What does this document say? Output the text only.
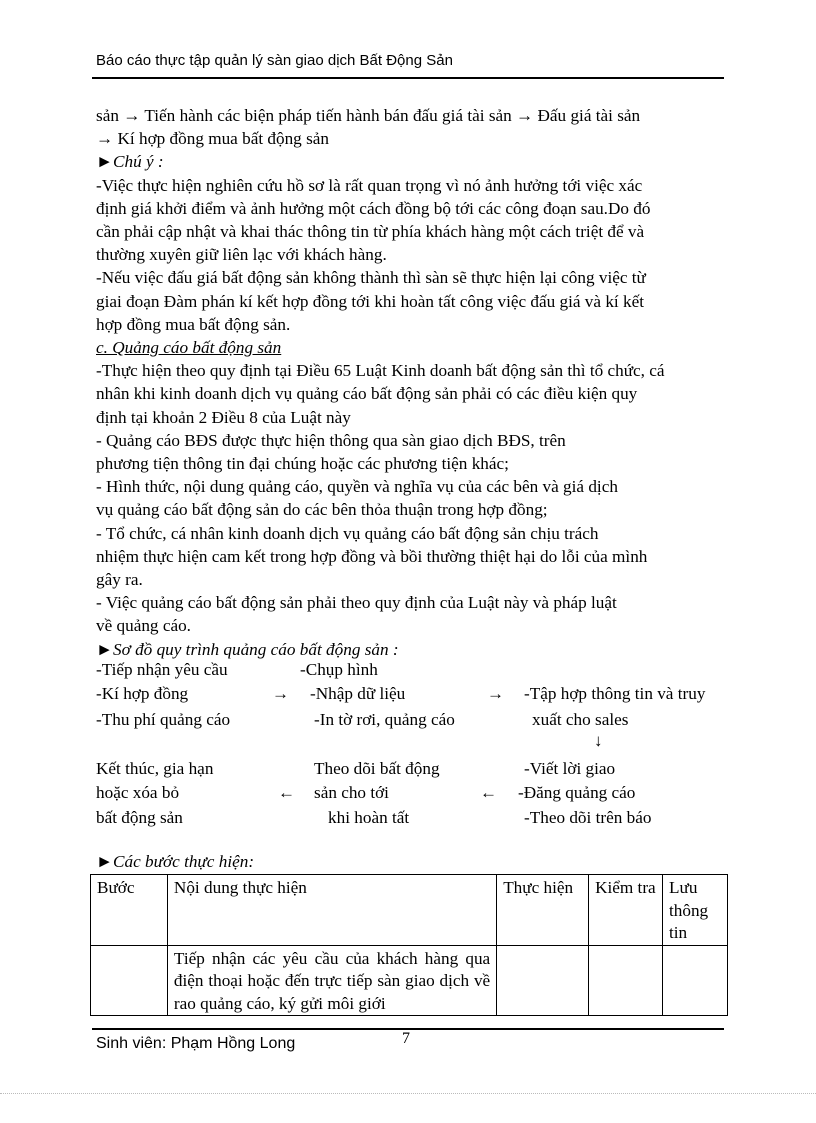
Báo cáo thực tập quản lý sàn giao dịch Bất Động Sản

sản → Tiến hành các biện pháp tiến hành bán đấu giá tài sản → Đấu giá tài sản

→ Kí hợp đồng mua bất động sản

►Chú ý :

-Việc thực hiện nghiên cứu hồ sơ là rất quan trọng vì nó ảnh hưởng tới việc xác

định giá khởi điểm và ảnh hưởng một cách đồng bộ tới các công đoạn sau.Do đó

cần phải cập nhật và khai thác thông tin từ phía khách hàng một cách triệt để và

thường xuyên giữ liên lạc với khách hàng.

-Nếu việc đấu giá bất động sản không thành thì sàn sẽ thực hiện lại công việc từ

giai đoạn Đàm phán kí kết hợp đồng tới khi hoàn tất công việc đấu giá và kí kết

hợp đồng mua bất động sản.

c. Quảng cáo bất động sản

-Thực hiện theo quy định tại Điều 65 Luật Kinh doanh bất động sản thì tổ chức, cá

nhân khi kinh doanh dịch vụ quảng cáo bất động sản phải có các điều kiện quy

định tại khoản 2 Điều 8 của Luật này

- Quảng cáo BĐS được thực hiện thông qua sàn giao dịch BĐS, trên

phương tiện thông tin đại chúng hoặc các phương tiện khác;

- Hình thức, nội dung quảng cáo, quyền và nghĩa vụ của các bên và giá dịch

vụ quảng cáo bất động sản do các bên thỏa thuận trong hợp đồng;

- Tổ chức, cá nhân kinh doanh dịch vụ quảng cáo bất động sản chịu trách

nhiệm thực hiện cam kết trong hợp đồng và bồi thường thiệt hại do lỗi của mình

gây ra.

- Việc quảng cáo bất động sản phải theo quy định của Luật này và pháp luật

về quảng cáo.

►Sơ đồ quy trình quảng cáo bất động sản :

-Tiếp nhận yêu cầu
-Kí hợp đồng
-Thu phí quảng cáo
→
-Chụp hình
-Nhập dữ liệu
-In tờ rơi, quảng cáo
→ -Tập hợp thông tin và truy
xuất cho sales
↓
Kết thúc, gia hạn
hoặc xóa bỏ
bất động sản
←
Theo dõi bất động
sản cho tới
khi hoàn tất
←
-Viết lời giao
-Đăng quảng cáo
-Theo dõi trên báo
►Các bước thực hiện:
Bước	Nội dung thực hiện	Thực hiện	Kiểm tra	Lưu thông tin
	Tiếp nhận các yêu cầu của khách hàng qua điện thoại hoặc đến trực tiếp sàn giao dịch về rao quảng cáo, ký gửi môi giới			
Sinh viên: Phạm Hồng Long	7
